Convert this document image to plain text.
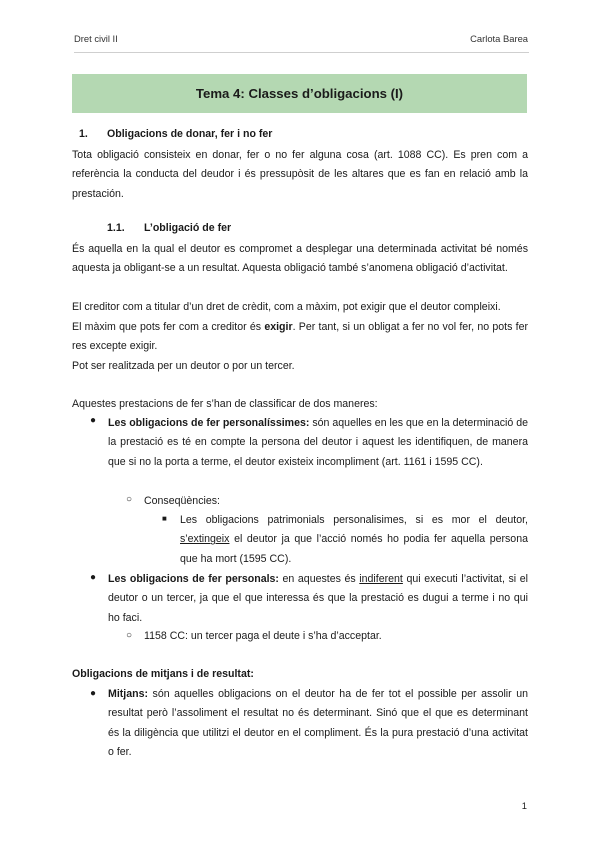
Dret civil II	Carlota Barea
Tema 4: Classes d’obligacions (I)
1. Obligacions de donar, fer i no fer
Tota obligació consisteix en donar, fer o no fer alguna cosa (art. 1088 CC). Es pren com a referència la conducta del deudor i és pressupòsit de les altares que es fan en relació amb la prestación.
1.1. L’obligació de fer
És aquella en la qual el deutor es compromet a desplegar una determinada activitat bé només aquesta ja obligant-se a un resultat. Aquesta obligació també s’anomena obligació d’activitat.
El creditor com a titular d’un dret de crèdit, com a màxim, pot exigir que el deutor compleixi.
El màxim que pots fer com a creditor és exigir. Per tant, si un obligat a fer no vol fer, no pots fer res excepte exigir.
Pot ser realitzada per un deutor o por un tercer.
Aquestes prestacions de fer s’han de classificar de dos maneres:
● Les obligacions de fer personalíssimes: són aquelles en les que en la determinació de la prestació es té en compte la persona del deutor i aquest les identifiquen, de manera que si no la porta a terme, el deutor existeix incompliment (art. 1161 i 1595 CC).
○ Conseqüències:
■ Les obligacions patrimonials personalisimes, si es mor el deutor, s’extingeix el deutor ja que l’acció només ho podia fer aquella persona que ha mort (1595 CC).
● Les obligacions de fer personals: en aquestes és indiferent qui executi l’activitat, si el deutor o un tercer, ja que el que interessa és que la prestació es dugui a terme i no qui ho faci.
○ 1158 CC: un tercer paga el deute i s’ha d’acceptar.
Obligacions de mitjans i de resultat:
● Mitjans: són aquelles obligacions on el deutor ha de fer tot el possible per assolir un resultat però l’assoliment el resultat no és determinant. Sinó que el que es determinant és la diligència que utilitzi el deutor en el compliment. És la pura prestació d’una activitat o fer.
1
